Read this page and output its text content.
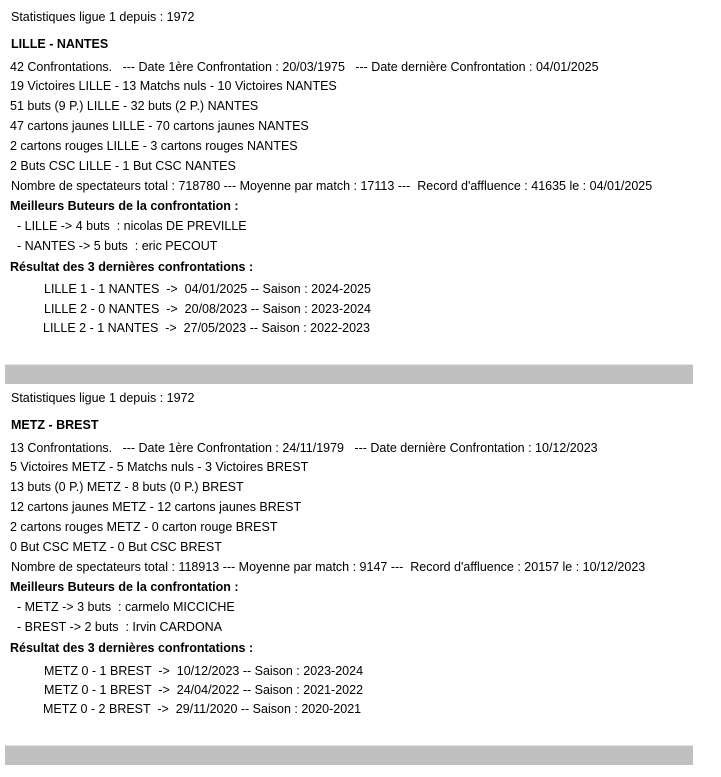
Statistiques ligue 1 depuis : 1972
LILLE - NANTES
42 Confrontations.   --- Date 1ère Confrontation : 20/03/1975   --- Date dernière Confrontation : 04/01/2025
19 Victoires LILLE - 13 Matchs nuls - 10 Victoires NANTES
51 buts (9 P.) LILLE - 32 buts (2 P.) NANTES
47 cartons jaunes LILLE - 70 cartons jaunes NANTES
2 cartons rouges LILLE - 3 cartons rouges NANTES
2 Buts CSC LILLE - 1 But CSC NANTES
Nombre de spectateurs total : 718780 --- Moyenne par match : 17113 ---  Record d'affluence : 41635 le : 04/01/2025
Meilleurs Buteurs de la confrontation :
- LILLE -> 4 buts  : nicolas DE PREVILLE
- NANTES -> 5 buts  : eric PECOUT
Résultat des 3 dernières confrontations :
LILLE 1 - 1 NANTES  ->  04/01/2025 -- Saison : 2024-2025
LILLE 2 - 0 NANTES  ->  20/08/2023 -- Saison : 2023-2024
LILLE 2 - 1 NANTES  ->  27/05/2023 -- Saison : 2022-2023
Statistiques ligue 1 depuis : 1972
METZ - BREST
13 Confrontations.   --- Date 1ère Confrontation : 24/11/1979   --- Date dernière Confrontation : 10/12/2023
5 Victoires METZ - 5 Matchs nuls - 3 Victoires BREST
13 buts (0 P.) METZ - 8 buts (0 P.) BREST
12 cartons jaunes METZ - 12 cartons jaunes BREST
2 cartons rouges METZ - 0 carton rouge BREST
0 But CSC METZ - 0 But CSC BREST
Nombre de spectateurs total : 118913 --- Moyenne par match : 9147 ---  Record d'affluence : 20157 le : 10/12/2023
Meilleurs Buteurs de la confrontation :
- METZ -> 3 buts  : carmelo MICCICHE
- BREST -> 2 buts  : Irvin CARDONA
Résultat des 3 dernières confrontations :
METZ 0 - 1 BREST  ->  10/12/2023 -- Saison : 2023-2024
METZ 0 - 1 BREST  ->  24/04/2022 -- Saison : 2021-2022
METZ 0 - 2 BREST  ->  29/11/2020 -- Saison : 2020-2021
